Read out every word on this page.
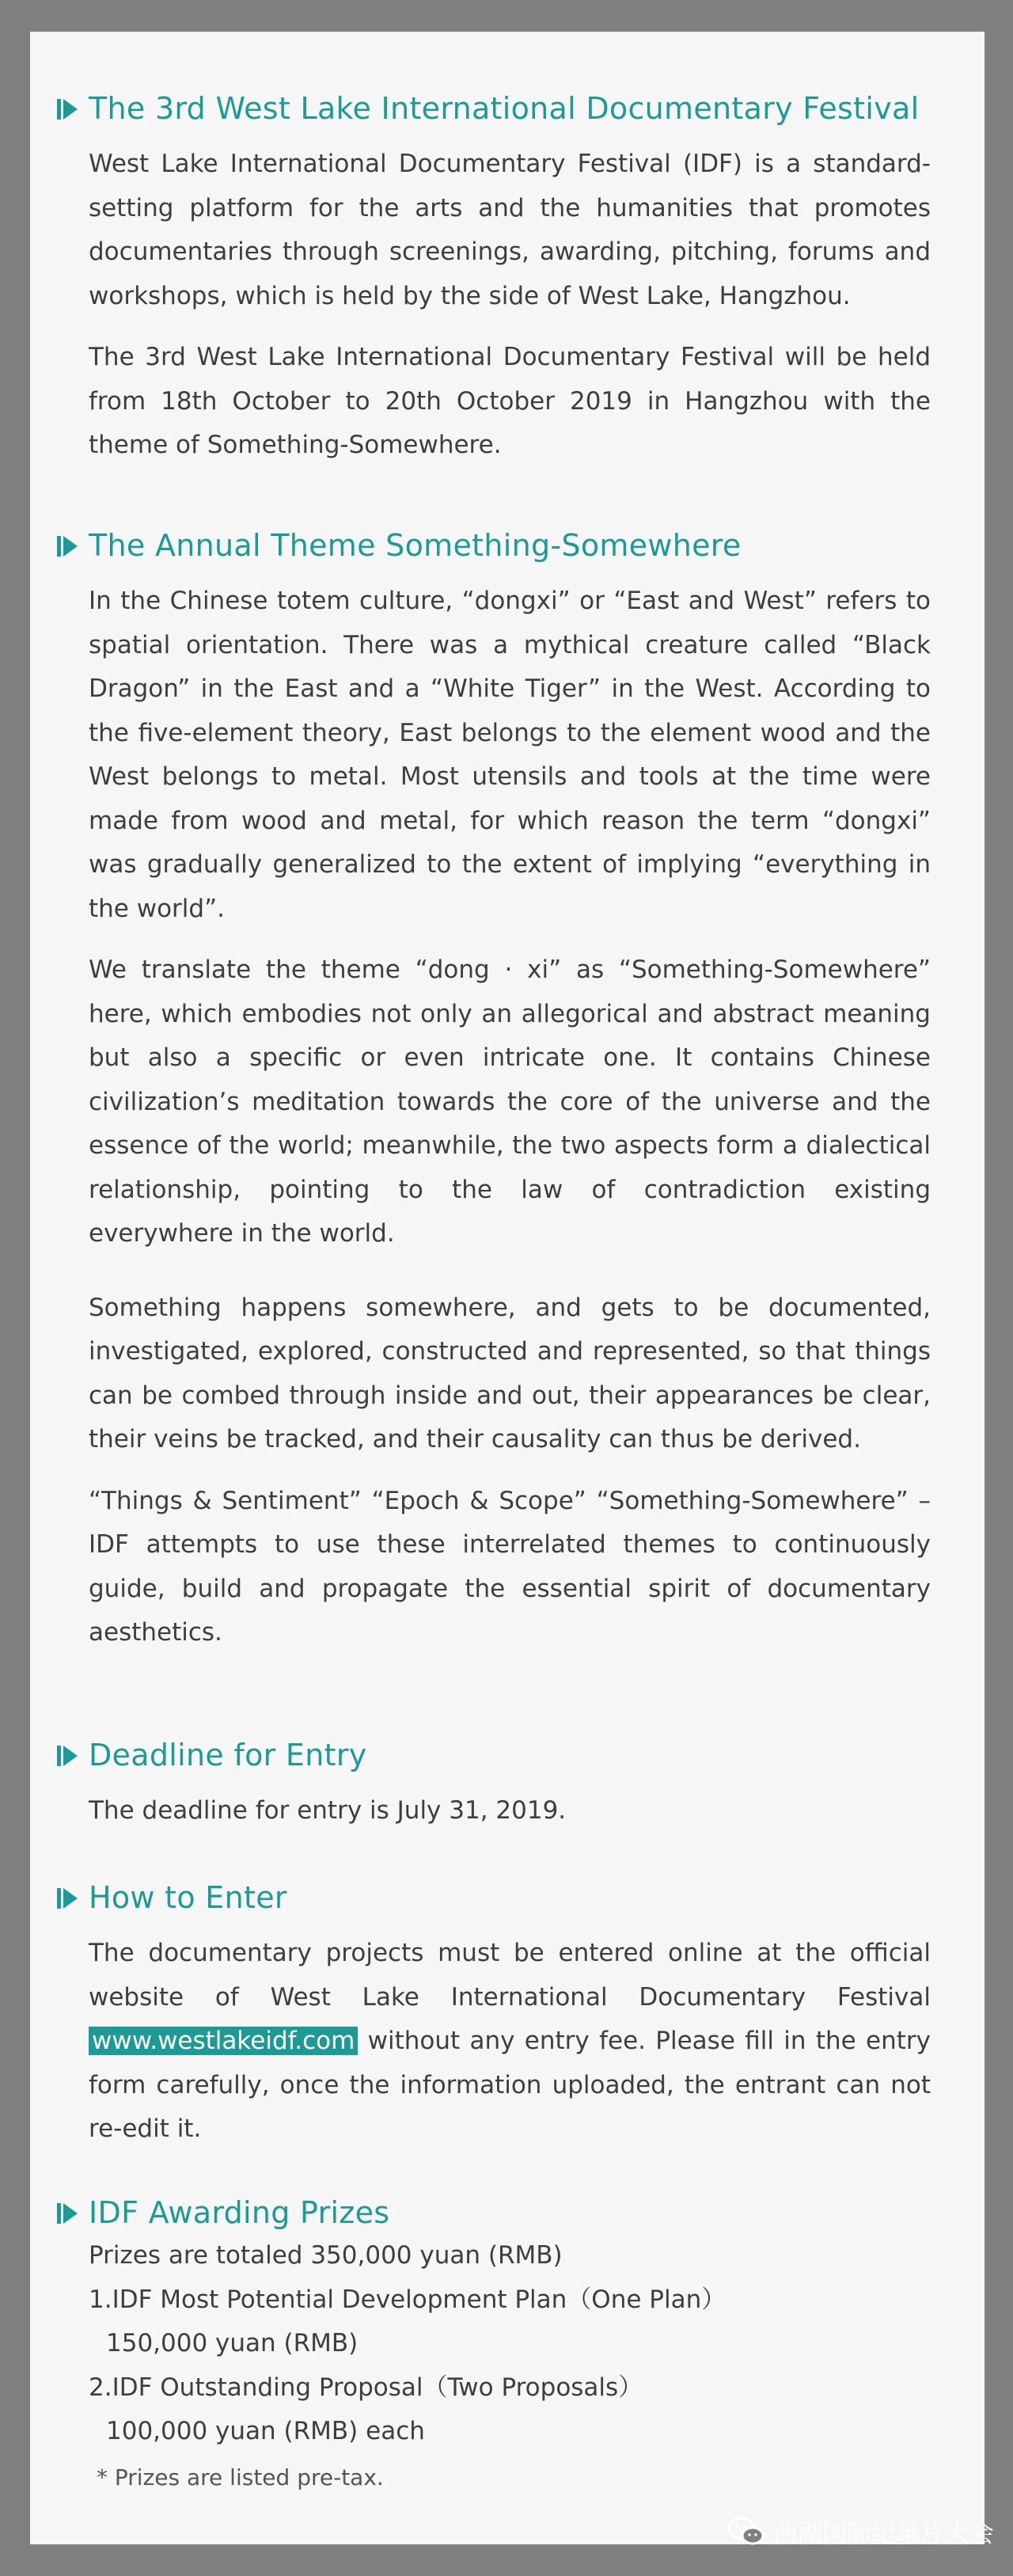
The 3rd West Lake International Documentary Festival

West Lake International Documentary Festival (IDF) is a standard-setting platform for the arts and the humanities that promotes documentaries through screenings, awarding, pitching, forums and workshops, which is held by the side of West Lake, Hangzhou.

The 3rd West Lake International Documentary Festival will be held from 18th October to 20th October 2019 in Hangzhou with the theme of Something-Somewhere.

The Annual Theme Something-Somewhere

In the Chinese totem culture, “dongxi” or “East and West” refers to spatial orientation. There was a mythical creature called “Black Dragon” in the East and a “White Tiger” in the West. According to the five-element theory, East belongs to the element wood and the West belongs to metal. Most utensils and tools at the time were made from wood and metal, for which reason the term “dongxi” was gradually generalized to the extent of implying “everything in the world”.

We translate the theme “dong · xi” as “Something-Somewhere” here, which embodies not only an allegorical and abstract meaning but also a specific or even intricate one. It contains Chinese civilization’s meditation towards the core of the universe and the essence of the world; meanwhile, the two aspects form a dialectical relationship, pointing to the law of contradiction existing everywhere in the world.

Something happens somewhere, and gets to be documented, investigated, explored, constructed and represented, so that things can be combed through inside and out, their appearances be clear, their veins be tracked, and their causality can thus be derived.

“Things & Sentiment” “Epoch & Scope” “Something-Somewhere” – IDF attempts to use these interrelated themes to continuously guide, build and propagate the essential spirit of documentary aesthetics.

Deadline for Entry

The deadline for entry is July 31, 2019.

How to Enter

The documentary projects must be entered online at the official website of West Lake International Documentary Festival www.westlakeidf.com without any entry fee. Please fill in the entry form carefully, once the information uploaded, the entrant can not re-edit it.

IDF Awarding Prizes

Prizes are totaled 350,000 yuan (RMB)

1.IDF Most Potential Development Plan（One Plan）

150,000 yuan (RMB)

2.IDF Outstanding Proposal（Two Proposals）

100,000 yuan (RMB) each

* Prizes are listed pre-tax.

西湖国际纪录片大会
